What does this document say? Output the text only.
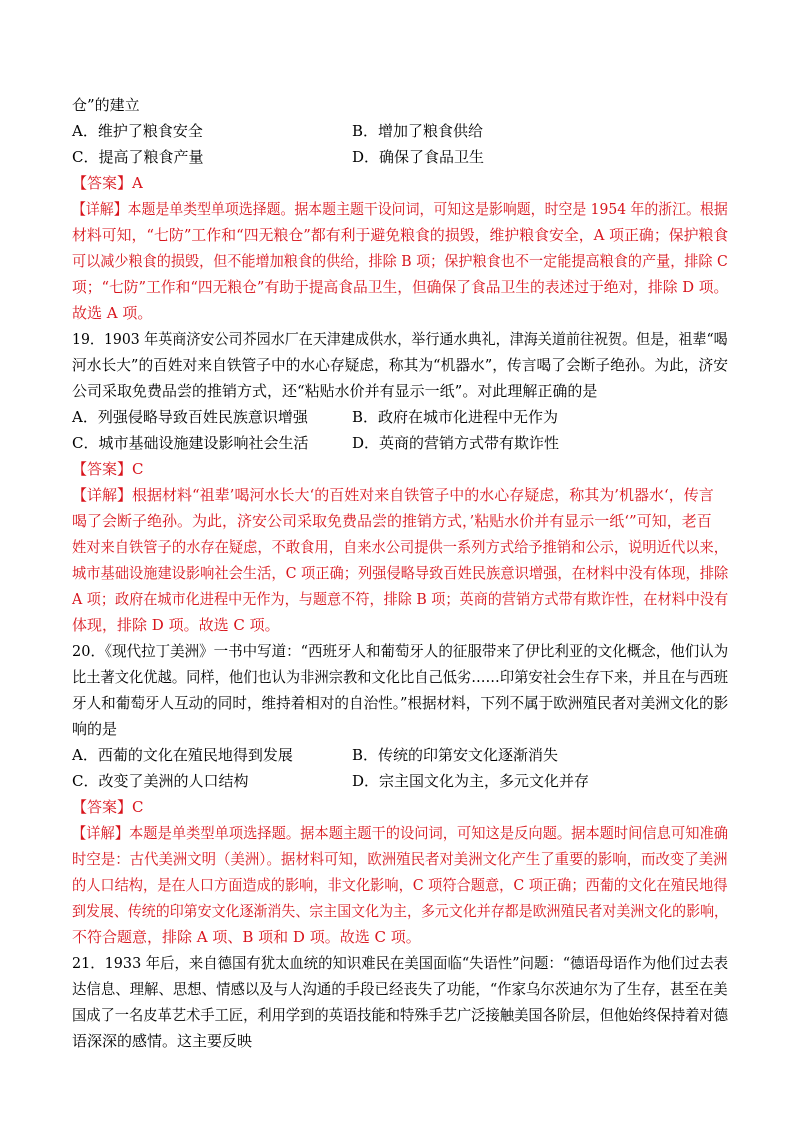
仓”的建立
A．维护了粮食安全	B．增加了粮食供给
C．提高了粮食产量	D．确保了食品卫生
【答案】A
【详解】本题是单类型单项选择题。据本题主题干设问词，可知这是影响题，时空是 1954 年的浙江。根据
材料可知，“七防”工作和“四无粮仓”都有利于避免粮食的损毁，维护粮食安全，A 项正确；保护粮食
可以减少粮食的损毁，但不能增加粮食的供给，排除 B 项；保护粮食也不一定能提高粮食的产量，排除 C
项；“七防”工作和“四无粮仓”有助于提高食品卫生，但确保了食品卫生的表述过于绝对，排除 D 项。
故选 A 项。
19．1903 年英商济安公司芥园水厂在天津建成供水，举行通水典礼，津海关道前往祝贺。但是，祖辈“喝
河水长大”的百姓对来自铁管子中的水心存疑虑，称其为“机器水”，传言喝了会断子绝孙。为此，济安
公司采取免费品尝的推销方式，还“粘贴水价并有显示一纸”。对此理解正确的是
A．列强侵略导致百姓民族意识增强	B．政府在城市化进程中无作为
C．城市基础设施建设影响社会生活	D．英商的营销方式带有欺诈性
【答案】C
【详解】根据材料“祖辈’喝河水长大‘的百姓对来自铁管子中的水心存疑虑，称其为’机器水‘，传言
喝了会断子绝孙。为此，济安公司采取免费品尝的推销方式，’粘贴水价并有显示一纸‘”可知，老百
姓对来自铁管子的水存在疑虑，不敢食用，自来水公司提供一系列方式给予推销和公示，说明近代以来，
城市基础设施建设影响社会生活，C 项正确；列强侵略导致百姓民族意识增强，在材料中没有体现，排除
A 项；政府在城市化进程中无作为，与题意不符，排除 B 项；英商的营销方式带有欺诈性，在材料中没有
体现，排除 D 项。故选 C 项。
20．《现代拉丁美洲》一书中写道：“西班牙人和葡萄牙人的征服带来了伊比利亚的文化概念，他们认为
比土著文化优越。同样，他们也认为非洲宗教和文化比自己低劣……印第安社会生存下来，并且在与西班
牙人和葡萄牙人互动的同时，维持着相对的自治性。”根据材料，下列不属于欧洲殖民者对美洲文化的影
响的是
A．西葡的文化在殖民地得到发展	B．传统的印第安文化逐渐消失
C．改变了美洲的人口结构	D．宗主国文化为主，多元文化并存
【答案】C
【详解】本题是单类型单项选择题。据本题主题干的设问词，可知这是反向题。据本题时间信息可知准确
时空是：古代美洲文明（美洲）。据材料可知，欧洲殖民者对美洲文化产生了重要的影响，而改变了美洲
的人口结构，是在人口方面造成的影响，非文化影响，C 项符合题意，C 项正确；西葡的文化在殖民地得
到发展、传统的印第安文化逐渐消失、宗主国文化为主，多元文化并存都是欧洲殖民者对美洲文化的影响，
不符合题意，排除 A 项、B 项和 D 项。故选 C 项。
21．1933 年后，来自德国有犹太血统的知识难民在美国面临“失语性”问题：“德语母语作为他们过去表
达信息、理解、思想、情感以及与人沟通的手段已经丧失了功能，“作家乌尔茨迪尔为了生存，甚至在美
国成了一名皮革艺术手工匠，利用学到的英语技能和特殊手艺广泛接触美国各阶层，但他始终保持着对德
语深深的感情。这主要反映
